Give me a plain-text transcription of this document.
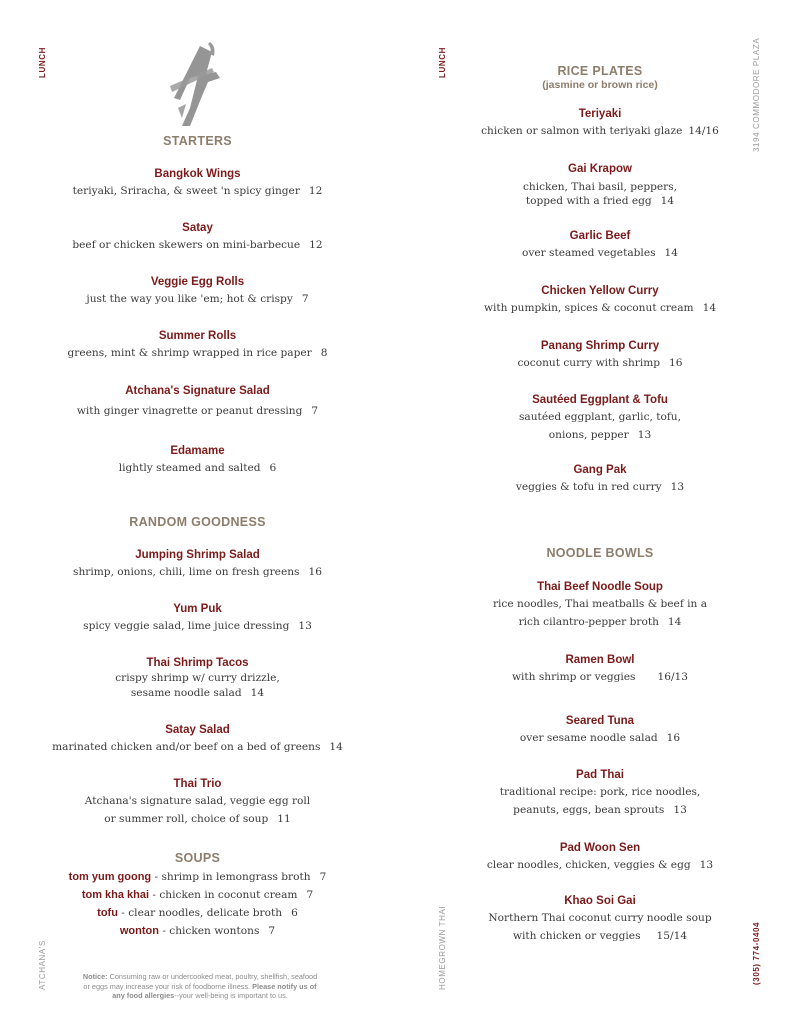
LUNCH	LUNCH	3194 COMMODORE PLAZA
ATCHANA'S	HOMEGROWN THAI	(305) 774-0404
STARTERS
Bangkok Wings
teriyaki, Sriracha, & sweet 'n spicy ginger 12
Satay
beef or chicken skewers on mini-barbecue 12
Veggie Egg Rolls
just the way you like 'em; hot & crispy 7
Summer Rolls
greens, mint & shrimp wrapped in rice paper 8
Atchana's Signature Salad
with ginger vinagrette or peanut dressing 7
Edamame
lightly steamed and salted 6
RANDOM GOODNESS
Jumping Shrimp Salad
shrimp, onions, chili, lime on fresh greens 16
Yum Puk
spicy veggie salad, lime juice dressing 13
Thai Shrimp Tacos
crispy shrimp w/ curry drizzle,
sesame noodle salad 14
Satay Salad
marinated chicken and/or beef on a bed of greens 14
Thai Trio
Atchana's signature salad, veggie egg roll
or summer roll, choice of soup 11
SOUPS
tom yum goong - shrimp in lemongrass broth 7
tom kha khai - chicken in coconut cream 7
tofu - clear noodles, delicate broth 6
wonton - chicken wontons 7
Notice: Consuming raw or undercooked meat, poultry, shellfish, seafood or eggs may increase your risk of foodborne illness. Please notify us of any food allergies--your well-being is important to us.
RICE PLATES
(jasmine or brown rice)
Teriyaki
chicken or salmon with teriyaki glaze 14/16
Gai Krapow
chicken, Thai basil, peppers,
topped with a fried egg 14
Garlic Beef
over steamed vegetables 14
Chicken Yellow Curry
with pumpkin, spices & coconut cream 14
Panang Shrimp Curry
coconut curry with shrimp 16
Sautéed Eggplant & Tofu
sautéed eggplant, garlic, tofu,
onions, pepper 13
Gang Pak
veggies & tofu in red curry 13
NOODLE BOWLS
Thai Beef Noodle Soup
rice noodles, Thai meatballs & beef in a
rich cilantro-pepper broth 14
Ramen Bowl
with shrimp or veggies 16/13
Seared Tuna
over sesame noodle salad 16
Pad Thai
traditional recipe: pork, rice noodles,
peanuts, eggs, bean sprouts 13
Pad Woon Sen
clear noodles, chicken, veggies & egg 13
Khao Soi Gai
Northern Thai coconut curry noodle soup
with chicken or veggies 15/14
